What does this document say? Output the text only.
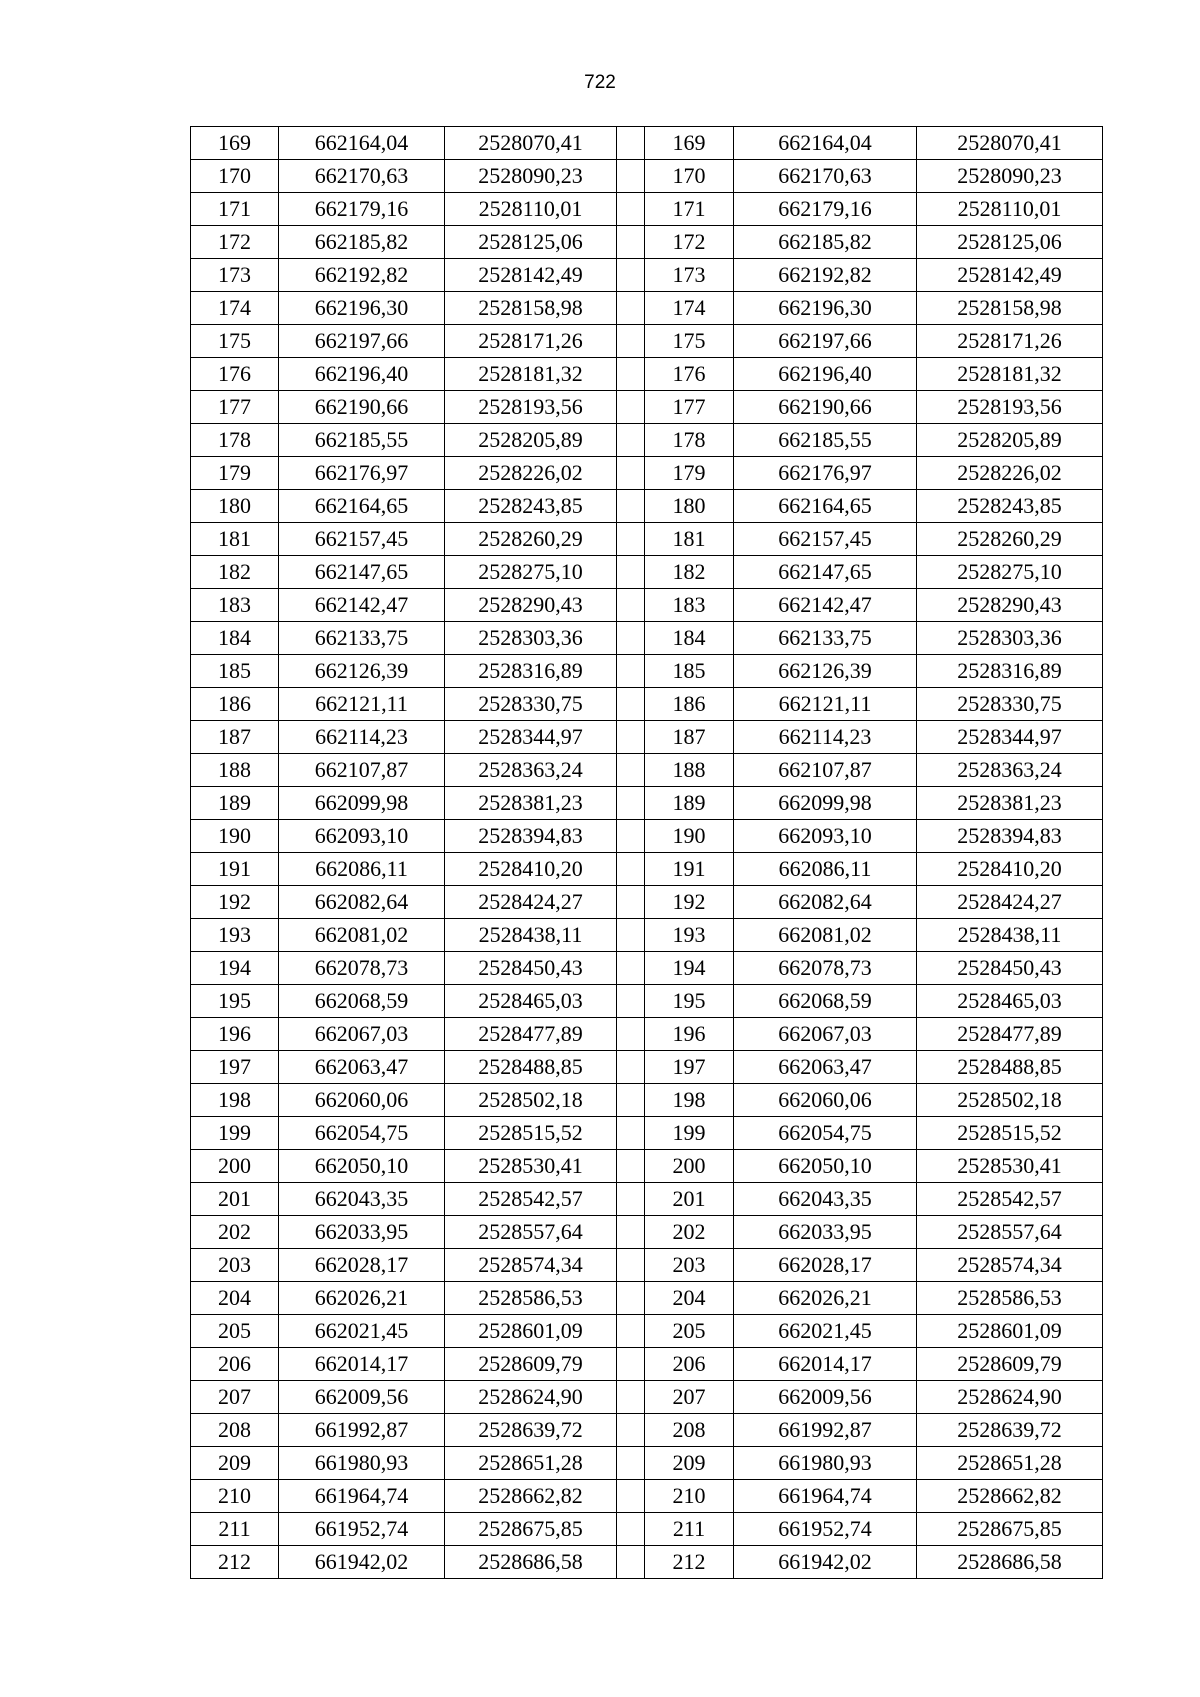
722
169	662164,04	2528070,41		169	662164,04	2528070,41
170	662170,63	2528090,23		170	662170,63	2528090,23
171	662179,16	2528110,01		171	662179,16	2528110,01
172	662185,82	2528125,06		172	662185,82	2528125,06
173	662192,82	2528142,49		173	662192,82	2528142,49
174	662196,30	2528158,98		174	662196,30	2528158,98
175	662197,66	2528171,26		175	662197,66	2528171,26
176	662196,40	2528181,32		176	662196,40	2528181,32
177	662190,66	2528193,56		177	662190,66	2528193,56
178	662185,55	2528205,89		178	662185,55	2528205,89
179	662176,97	2528226,02		179	662176,97	2528226,02
180	662164,65	2528243,85		180	662164,65	2528243,85
181	662157,45	2528260,29		181	662157,45	2528260,29
182	662147,65	2528275,10		182	662147,65	2528275,10
183	662142,47	2528290,43		183	662142,47	2528290,43
184	662133,75	2528303,36		184	662133,75	2528303,36
185	662126,39	2528316,89		185	662126,39	2528316,89
186	662121,11	2528330,75		186	662121,11	2528330,75
187	662114,23	2528344,97		187	662114,23	2528344,97
188	662107,87	2528363,24		188	662107,87	2528363,24
189	662099,98	2528381,23		189	662099,98	2528381,23
190	662093,10	2528394,83		190	662093,10	2528394,83
191	662086,11	2528410,20		191	662086,11	2528410,20
192	662082,64	2528424,27		192	662082,64	2528424,27
193	662081,02	2528438,11		193	662081,02	2528438,11
194	662078,73	2528450,43		194	662078,73	2528450,43
195	662068,59	2528465,03		195	662068,59	2528465,03
196	662067,03	2528477,89		196	662067,03	2528477,89
197	662063,47	2528488,85		197	662063,47	2528488,85
198	662060,06	2528502,18		198	662060,06	2528502,18
199	662054,75	2528515,52		199	662054,75	2528515,52
200	662050,10	2528530,41		200	662050,10	2528530,41
201	662043,35	2528542,57		201	662043,35	2528542,57
202	662033,95	2528557,64		202	662033,95	2528557,64
203	662028,17	2528574,34		203	662028,17	2528574,34
204	662026,21	2528586,53		204	662026,21	2528586,53
205	662021,45	2528601,09		205	662021,45	2528601,09
206	662014,17	2528609,79		206	662014,17	2528609,79
207	662009,56	2528624,90		207	662009,56	2528624,90
208	661992,87	2528639,72		208	661992,87	2528639,72
209	661980,93	2528651,28		209	661980,93	2528651,28
210	661964,74	2528662,82		210	661964,74	2528662,82
211	661952,74	2528675,85		211	661952,74	2528675,85
212	661942,02	2528686,58		212	661942,02	2528686,58
